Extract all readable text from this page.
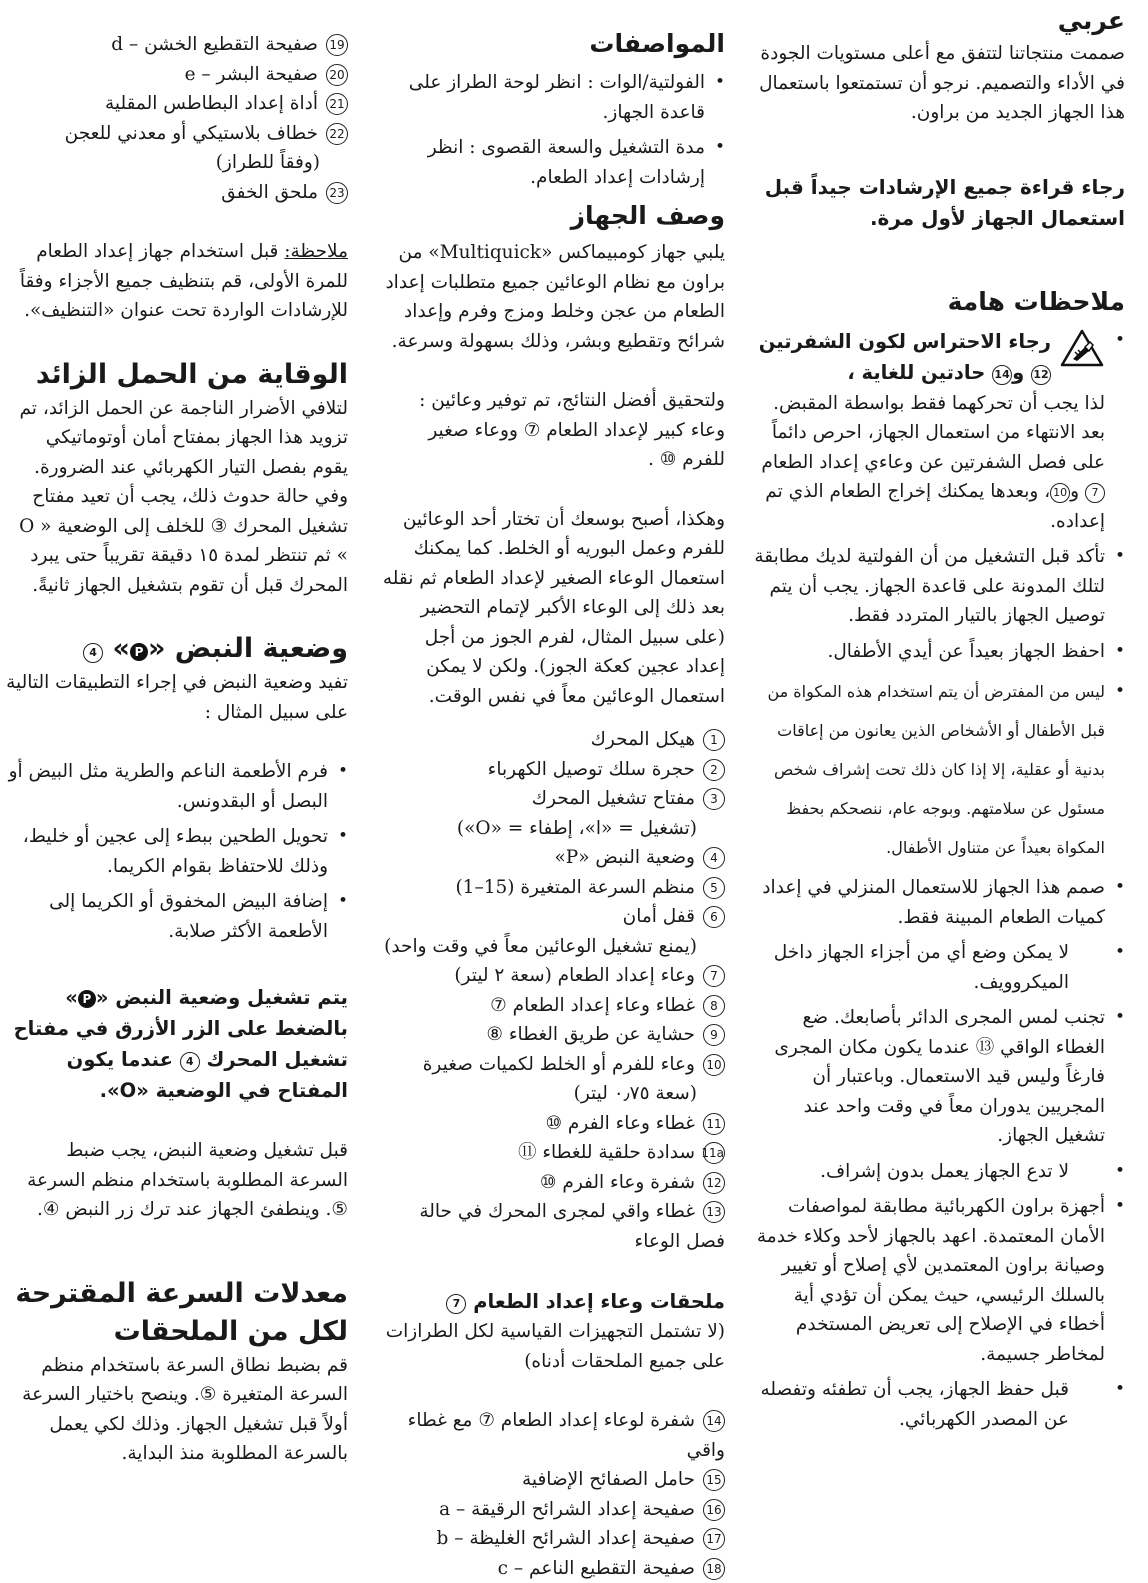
عربي

صممت منتجاتنا لتتفق مع أعلى مستويات الجودة في الأداء والتصميم. نرجو أن تستمتعوا باستعمال هذا الجهاز الجديد من براون.

رجاء قراءة جميع الإرشادات جيداً قبل استعمال الجهاز لأول مرة.

ملاحظات هامة
• رجاء الاحتراس لكون الشفرتين 12 و14 حادتين للغاية ،
لذا يجب أن تحركهما فقط بواسطة المقبض. بعد الانتهاء من استعمال الجهاز، احرص دائماً على فصل الشفرتين عن وعاءي إعداد الطعام 7 و10، وبعدها يمكنك إخراج الطعام الذي تم إعداده.
• تأكد قبل التشغيل من أن الفولتية لديك مطابقة لتلك المدونة على قاعدة الجهاز. يجب أن يتم توصيل الجهاز بالتيار المتردد فقط.
• احفظ الجهاز بعيداً عن أيدي الأطفال.
• ليس من المفترض أن يتم استخدام هذه المكواة من قبل الأطفال أو الأشخاص الذين يعانون من إعاقات بدنية أو عقلية، إلا إذا كان ذلك تحت إشراف شخص مسئول عن سلامتهم. وبوجه عام، ننصحكم بحفظ المكواة بعيداً عن متناول الأطفال.
• صمم هذا الجهاز للاستعمال المنزلي في إعداد كميات الطعام المبينة فقط.
• لا يمكن وضع أي من أجزاء الجهاز داخل الميكروويف.
• تجنب لمس المجرى الدائر بأصابعك. ضع الغطاء الواقي ⑬ عندما يكون مكان المجرى فارغاً وليس قيد الاستعمال. وباعتبار أن المجريين يدوران معاً في وقت واحد عند تشغيل الجهاز.
• لا تدع الجهاز يعمل بدون إشراف.
• أجهزة براون الكهربائية مطابقة لمواصفات الأمان المعتمدة. اعهد بالجهاز لأحد وكلاء خدمة وصيانة براون المعتمدين لأي إصلاح أو تغيير بالسلك الرئيسي، حيث يمكن أن تؤدي أية أخطاء في الإصلاح إلى تعريض المستخدم لمخاطر جسيمة.
• قبل حفظ الجهاز، يجب أن تطفئه وتفصله عن المصدر الكهربائي.
المواصفات
• الفولتية/الوات : انظر لوحة الطراز على قاعدة الجهاز.
• مدة التشغيل والسعة القصوى : انظر إرشادات إعداد الطعام.
وصف الجهاز

يلبي جهاز كومبيماكس «Multiquick» من براون مع نظام الوعائين جميع متطلبات إعداد الطعام من عجن وخلط ومزج وفرم وإعداد شرائح وتقطيع وبشر، وذلك بسهولة وسرعة.

ولتحقيق أفضل النتائج، تم توفير وعائين : وعاء كبير لإعداد الطعام ⑦ ووعاء صغير للفرم ⑩ .

وهكذا، أصبح بوسعك أن تختار أحد الوعائين للفرم وعمل البوريه أو الخلط. كما يمكنك استعمال الوعاء الصغير لإعداد الطعام ثم نقله بعد ذلك إلى الوعاء الأكبر لإتمام التحضير (على سبيل المثال، لفرم الجوز من أجل إعداد عجين كعكة الجوز). ولكن لا يمكن استعمال الوعائين معاً في نفس الوقت.

1هيكل المحرك
2حجرة سلك توصيل الكهرباء
3مفتاح تشغيل المحرك
(تشغيل = «ا»، إطفاء = «O»)
4وضعية النبض «P»
5منظم السرعة المتغيرة (15–1)
6قفل أمان
(يمنع تشغيل الوعائين معاً في وقت واحد)
7وعاء إعداد الطعام (سعة ٢ ليتر)
8غطاء وعاء إعداد الطعام ⑦
9حشاية عن طريق الغطاء ⑧
10وعاء للفرم أو الخلط لكميات صغيرة
(سعة ٠٫٧٥ ليتر)
11غطاء وعاء الفرم ⑩
11aسدادة حلقية للغطاء ⑪
12شفرة وعاء الفرم ⑩
13غطاء واقي لمجرى المحرك في حالة فصل الوعاء
ملحقات وعاء إعداد الطعام 7

(لا تشتمل التجهيزات القياسية لكل الطرازات على جميع الملحقات أدناه)

14شفرة لوعاء إعداد الطعام ⑦ مع غطاء واقي
15حامل الصفائح الإضافية
16صفيحة إعداد الشرائح الرقيقة – a
17صفيحة إعداد الشرائح الغليظة – b
18صفيحة التقطيع الناعم – c
19صفيحة التقطيع الخشن – d
20صفيحة البشر – e
21أداة إعداد البطاطس المقلية
22خطاف بلاستيكي أو معدني للعجن
(وفقاً للطراز)
23ملحق الخفق

ملاحظة: قبل استخدام جهاز إعداد الطعام للمرة الأولى، قم بتنظيف جميع الأجزاء وفقاً للإرشادات الواردة تحت عنوان «التنظيف».

الوقاية من الحمل الزائد

لتلافي الأضرار الناجمة عن الحمل الزائد، تم تزويد هذا الجهاز بمفتاح أمان أوتوماتيكي يقوم بفصل التيار الكهربائي عند الضرورة. وفي حالة حدوث ذلك، يجب أن تعيد مفتاح تشغيل المحرك ③ للخلف إلى الوضعية « O » ثم تنتظر لمدة ١٥ دقيقة تقريباً حتى يبرد المحرك قبل أن تقوم بتشغيل الجهاز ثانيةً.

وضعية النبض «P» 4

تفيد وضعية النبض في إجراء التطبيقات التالية على سبيل المثال :

• فرم الأطعمة الناعم والطرية مثل البيض أو البصل أو البقدونس.
• تحويل الطحين ببطء إلى عجين أو خليط، وذلك للاحتفاظ بقوام الكريما.
• إضافة البيض المخفوق أو الكريما إلى الأطعمة الأكثر صلابة.

يتم تشغيل وضعية النبض «P» بالضغط على الزر الأزرق في مفتاح تشغيل المحرك 4 عندما يكون المفتاح في الوضعية «O».

قبل تشغيل وضعية النبض، يجب ضبط السرعة المطلوبة باستخدام منظم السرعة ⑤. وينطفئ الجهاز عند ترك زر النبض ④.

معدلات السرعة المقترحة لكل من الملحقات

قم بضبط نطاق السرعة باستخدام منظم السرعة المتغيرة ⑤. وينصح باختيار السرعة أولاً قبل تشغيل الجهاز. وذلك لكي يعمل بالسرعة المطلوبة منذ البداية.
